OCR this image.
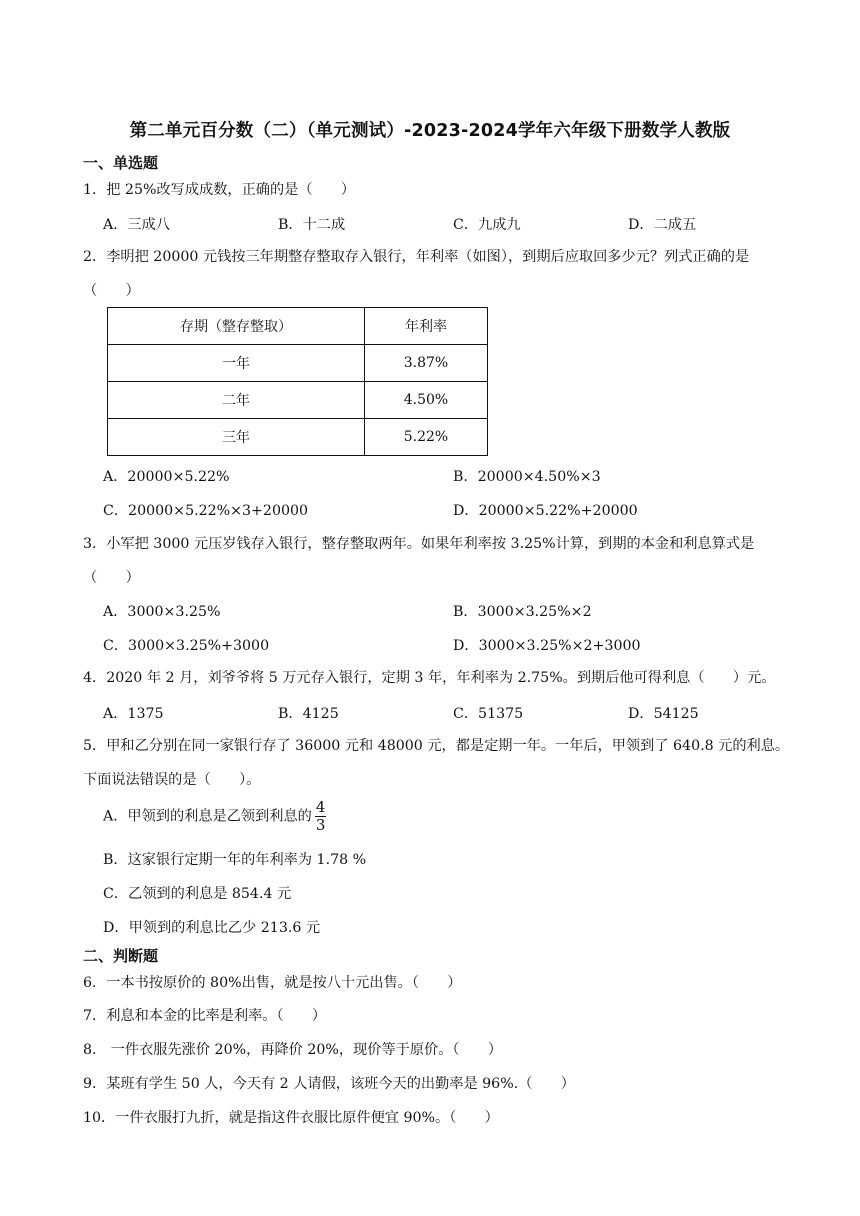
第二单元百分数（二）（单元测试）-2023-2024学年六年级下册数学人教版
一、单选题
1．把 25%改写成成数，正确的是（　　）
A．三成八	B．十二成	C．九成九	D．二成五
2．李明把 20000 元钱按三年期整存整取存入银行，年利率（如图），到期后应取回多少元？列式正确的是（　　）
存期（整存整取）	年利率
一年	3.87%
二年	4.50%
三年	5.22%
A．20000×5.22%	B．20000×4.50%×3
C．20000×5.22%×3+20000	D．20000×5.22%+20000
3．小军把 3000 元压岁钱存入银行，整存整取两年。如果年利率按 3.25%计算，到期的本金和利息算式是（　　）
A．3000×3.25%	B．3000×3.25%×2
C．3000×3.25%+3000	D．3000×3.25%×2+3000
4．2020 年 2 月，刘爷爷将 5 万元存入银行，定期 3 年，年利率为 2.75%。到期后他可得利息（　　）元。
A．1375	B．4125	C．51375	D．54125
5．甲和乙分别在同一家银行存了 36000 元和 48000 元，都是定期一年。一年后，甲领到了 640.8 元的利息。下面说法错误的是（　　）。
A．甲领到的利息是乙领到利息的 $\frac{4}{3}$
B．这家银行定期一年的年利率为 1.78 %
C．乙领到的利息是 854.4 元
D．甲领到的利息比乙少 213.6 元
二、判断题
6．一本书按原价的 80%出售，就是按八十元出售。（　　）
7．利息和本金的比率是利率。（　　）
8． 一件衣服先涨价 20%，再降价 20%，现价等于原价。（　　）
9．某班有学生 50 人，今天有 2 人请假，该班今天的出勤率是 96%.（　　）
10．一件衣服打九折，就是指这件衣服比原件便宜 90%。（　　）
